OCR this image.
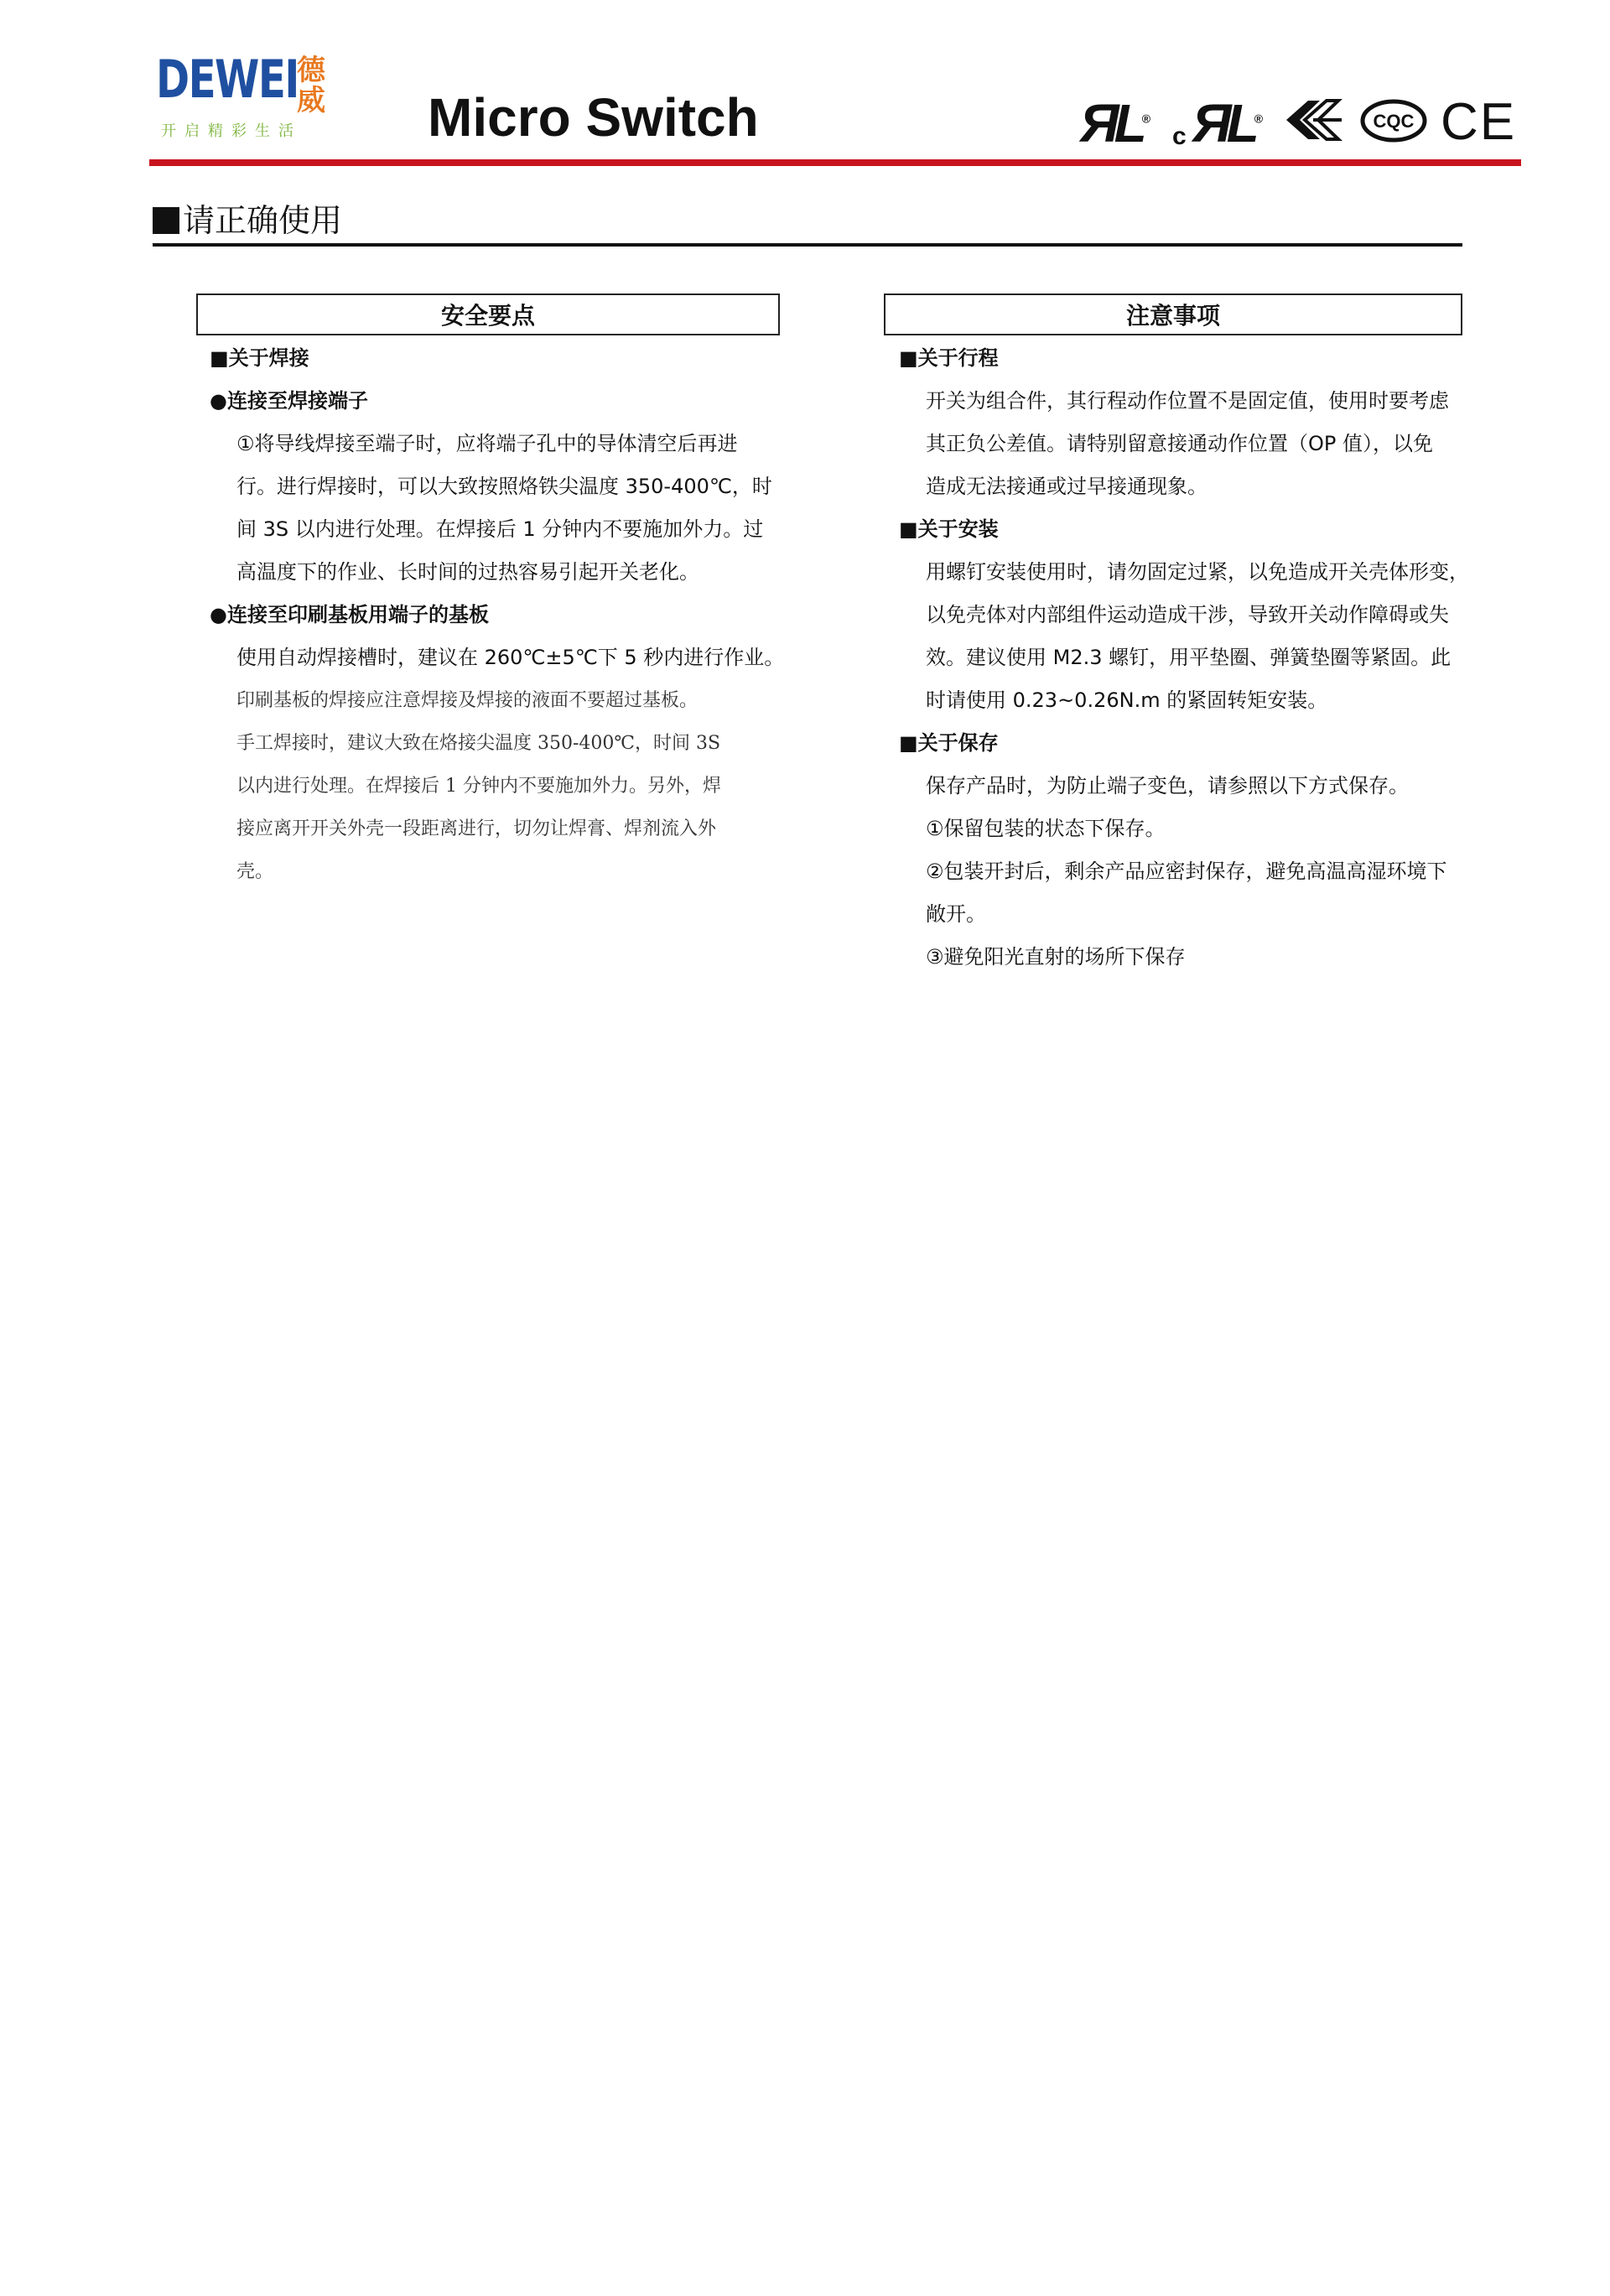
DEWEI
德威
开启精彩生活 Micro Switch	ЯL®
c ЯL®	CQC CE
请正确使用
安全要点
■关于焊接
●连接至焊接端子
①将导线焊接至端子时，应将端子孔中的导体清空后再进
行。进行焊接时，可以大致按照烙铁尖温度 350-400℃，时
间 3S 以内进行处理。在焊接后 1 分钟内不要施加外力。过
高温度下的作业、长时间的过热容易引起开关老化。
●连接至印刷基板用端子的基板
使用自动焊接槽时，建议在 260℃±5℃下 5 秒内进行作业。
印刷基板的焊接应注意焊接及焊接的液面不要超过基板。
手工焊接时，建议大致在烙接尖温度 350-400℃，时间 3S
以内进行处理。在焊接后 1 分钟内不要施加外力。另外，焊
接应离开开关外壳一段距离进行，切勿让焊膏、焊剂流入外
壳。
注意事项
■关于行程
开关为组合件，其行程动作位置不是固定值，使用时要考虑
其正负公差值。请特别留意接通动作位置（OP 值），以免
造成无法接通或过早接通现象。
■关于安装
用螺钉安装使用时，请勿固定过紧，以免造成开关壳体形变，
以免壳体对内部组件运动造成干涉，导致开关动作障碍或失
效。建议使用 M2.3 螺钉，用平垫圈、弹簧垫圈等紧固。此
时请使用 0.23~0.26N.m 的紧固转矩安装。
■关于保存
保存产品时，为防止端子变色，请参照以下方式保存。
①保留包装的状态下保存。
②包装开封后，剩余产品应密封保存，避免高温高湿环境下
敞开。
③避免阳光直射的场所下保存
